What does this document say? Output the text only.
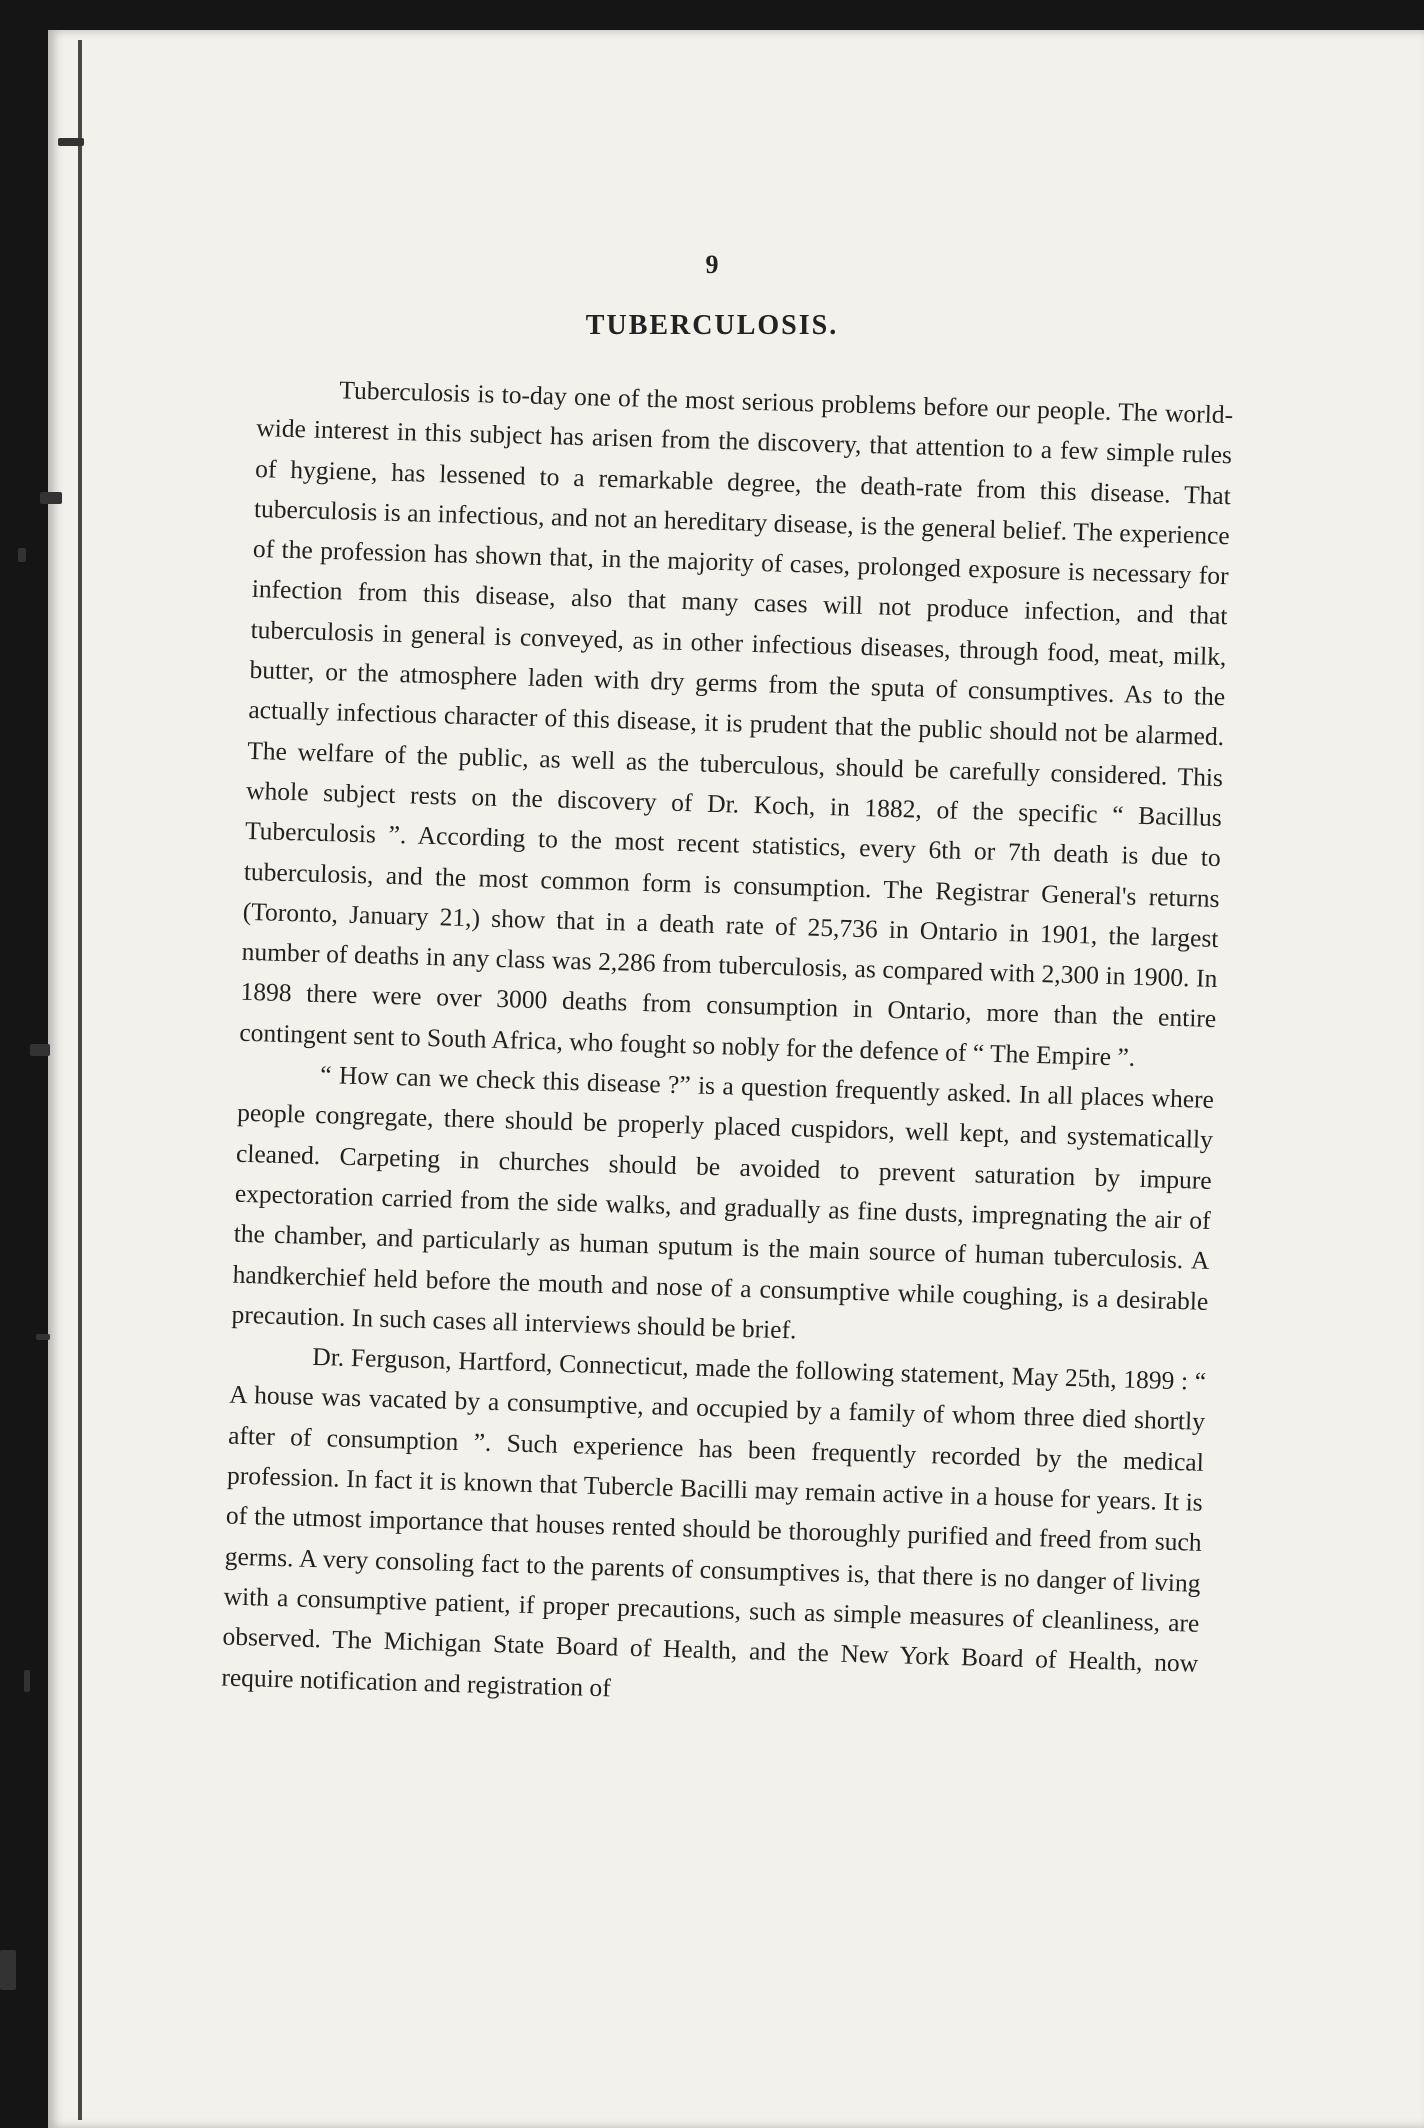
9
TUBERCULOSIS.

Tuberculosis is to-day one of the most serious problems before our people. The world-wide interest in this subject has arisen from the discovery, that attention to a few simple rules of hygiene, has lessened to a remarkable degree, the death-rate from this disease. That tuberculosis is an infectious, and not an hereditary disease, is the general belief. The experience of the profession has shown that, in the majority of cases, prolonged exposure is necessary for infection from this disease, also that many cases will not produce infection, and that tuberculosis in general is conveyed, as in other infectious diseases, through food, meat, milk, butter, or the atmosphere laden with dry germs from the sputa of consumptives. As to the actually infectious character of this disease, it is prudent that the public should not be alarmed. The welfare of the public, as well as the tuberculous, should be carefully considered. This whole subject rests on the discovery of Dr. Koch, in 1882, of the specific “ Bacillus Tuberculosis ”. According to the most recent statistics, every 6th or 7th death is due to tuberculosis, and the most common form is consumption. The Registrar General's returns (Toronto, January 21,) show that in a death rate of 25,736 in Ontario in 1901, the largest number of deaths in any class was 2,286 from tuberculosis, as compared with 2,300 in 1900. In 1898 there were over 3000 deaths from consumption in Ontario, more than the entire contingent sent to South Africa, who fought so nobly for the defence of “ The Empire ”.

“ How can we check this disease ?” is a question frequently asked. In all places where people congregate, there should be properly placed cuspidors, well kept, and systematically cleaned. Carpeting in churches should be avoided to prevent saturation by impure expectoration carried from the side walks, and gradually as fine dusts, impregnating the air of the chamber, and particularly as human sputum is the main source of human tuberculosis. A handkerchief held before the mouth and nose of a consumptive while coughing, is a desirable precaution. In such cases all interviews should be brief.

Dr. Ferguson, Hartford, Connecticut, made the following statement, May 25th, 1899 : “ A house was vacated by a consumptive, and occupied by a family of whom three died shortly after of consumption ”. Such experience has been frequently recorded by the medical profession. In fact it is known that Tubercle Bacilli may remain active in a house for years. It is of the utmost importance that houses rented should be thoroughly purified and freed from such germs. A very consoling fact to the parents of consumptives is, that there is no danger of living with a consumptive patient, if proper precautions, such as simple measures of cleanliness, are observed. The Michigan State Board of Health, and the New York Board of Health, now require notification and registration of
